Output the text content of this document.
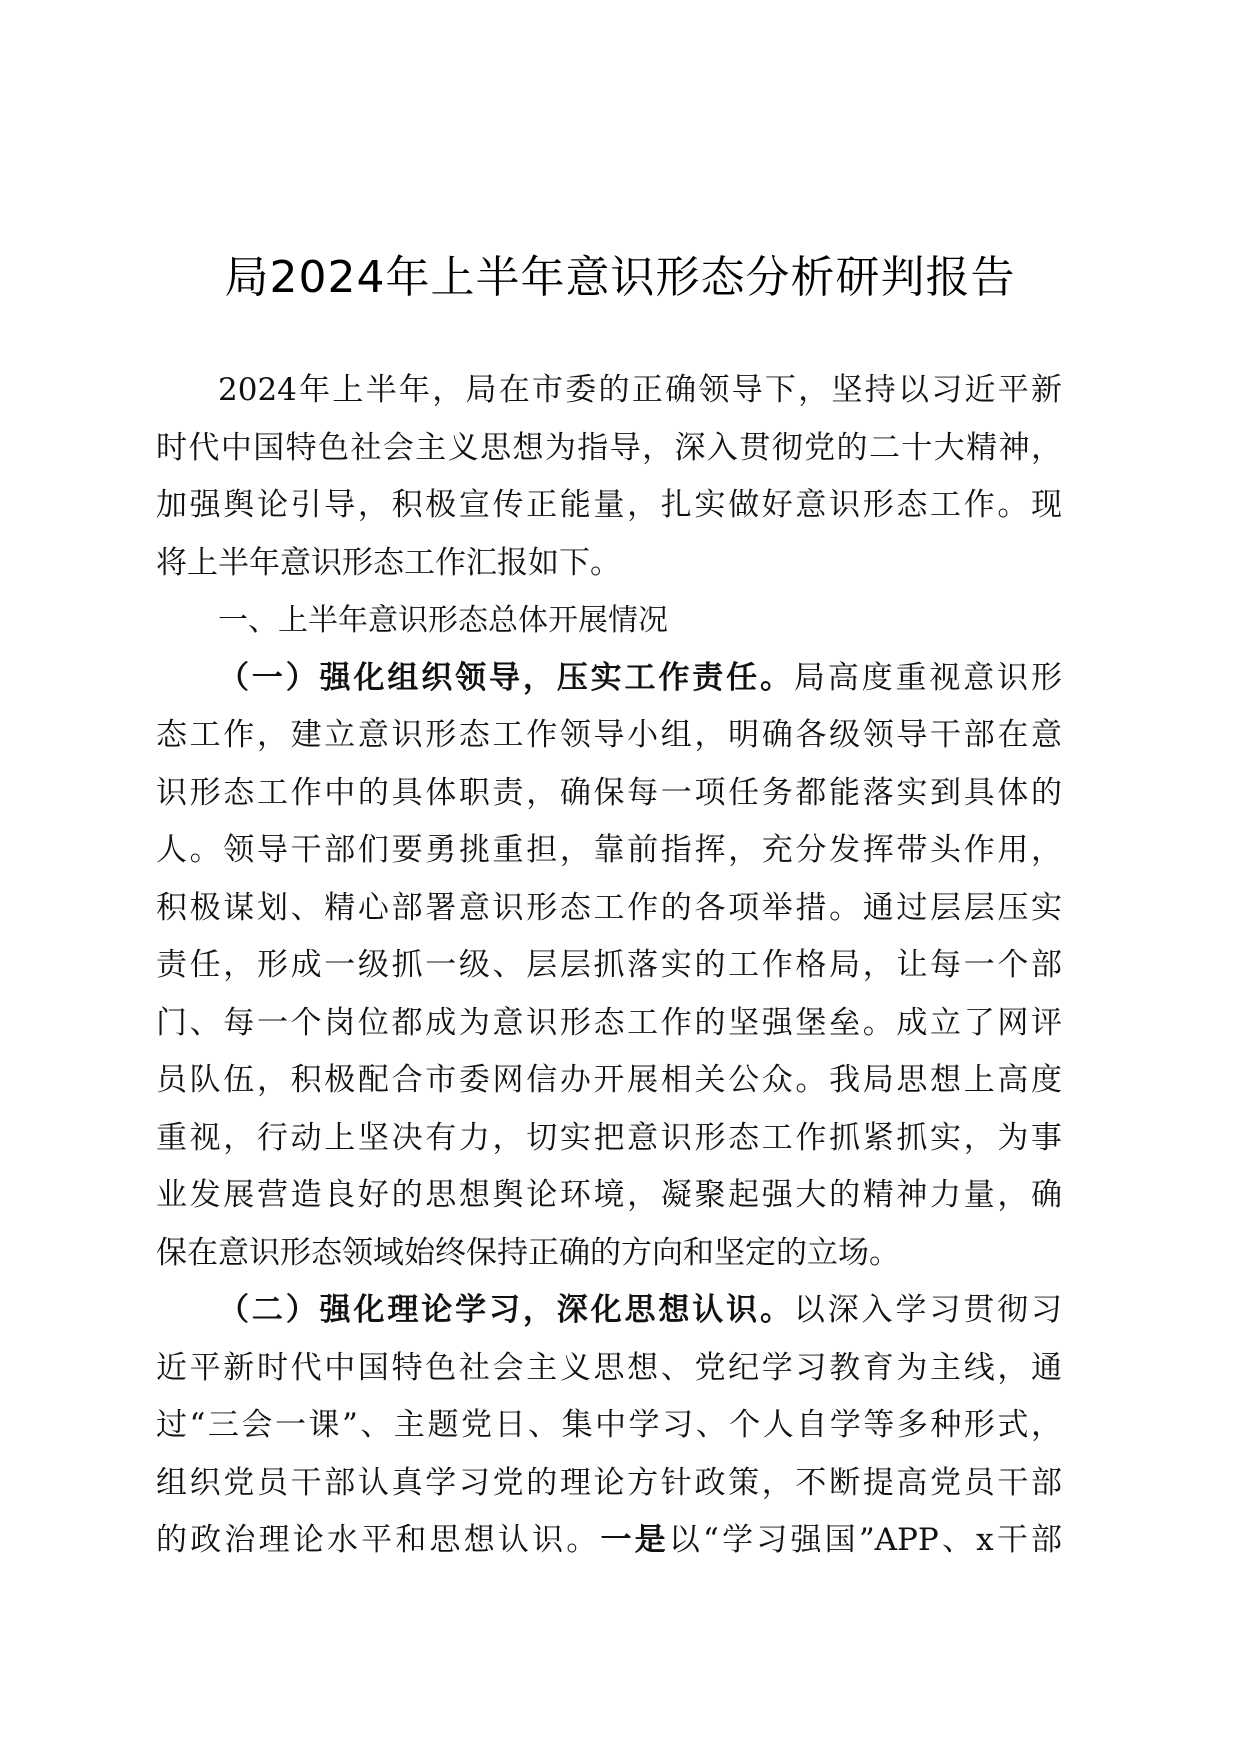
局2024年上半年意识形态分析研判报告
2024年上半年，局在市委的正确领导下，坚持以习近平新
时代中国特色社会主义思想为指导，深入贯彻党的二十大精神，
加强舆论引导，积极宣传正能量，扎实做好意识形态工作。现
将上半年意识形态工作汇报如下。
一、上半年意识形态总体开展情况
（一）强化组织领导，压实工作责任。局高度重视意识形
态工作，建立意识形态工作领导小组，明确各级领导干部在意
识形态工作中的具体职责，确保每一项任务都能落实到具体的
人。领导干部们要勇挑重担，靠前指挥，充分发挥带头作用，
积极谋划、精心部署意识形态工作的各项举措。通过层层压实
责任，形成一级抓一级、层层抓落实的工作格局，让每一个部
门、每一个岗位都成为意识形态工作的坚强堡垒。成立了网评
员队伍，积极配合市委网信办开展相关公众。我局思想上高度
重视，行动上坚决有力，切实把意识形态工作抓紧抓实，为事
业发展营造良好的思想舆论环境，凝聚起强大的精神力量，确
保在意识形态领域始终保持正确的方向和坚定的立场。
（二）强化理论学习，深化思想认识。以深入学习贯彻习
近平新时代中国特色社会主义思想、党纪学习教育为主线，通
过“三会一课”、主题党日、集中学习、个人自学等多种形式，
组织党员干部认真学习党的理论方针政策，不断提高党员干部
的政治理论水平和思想认识。一是以“学习强国”APP、x干部
